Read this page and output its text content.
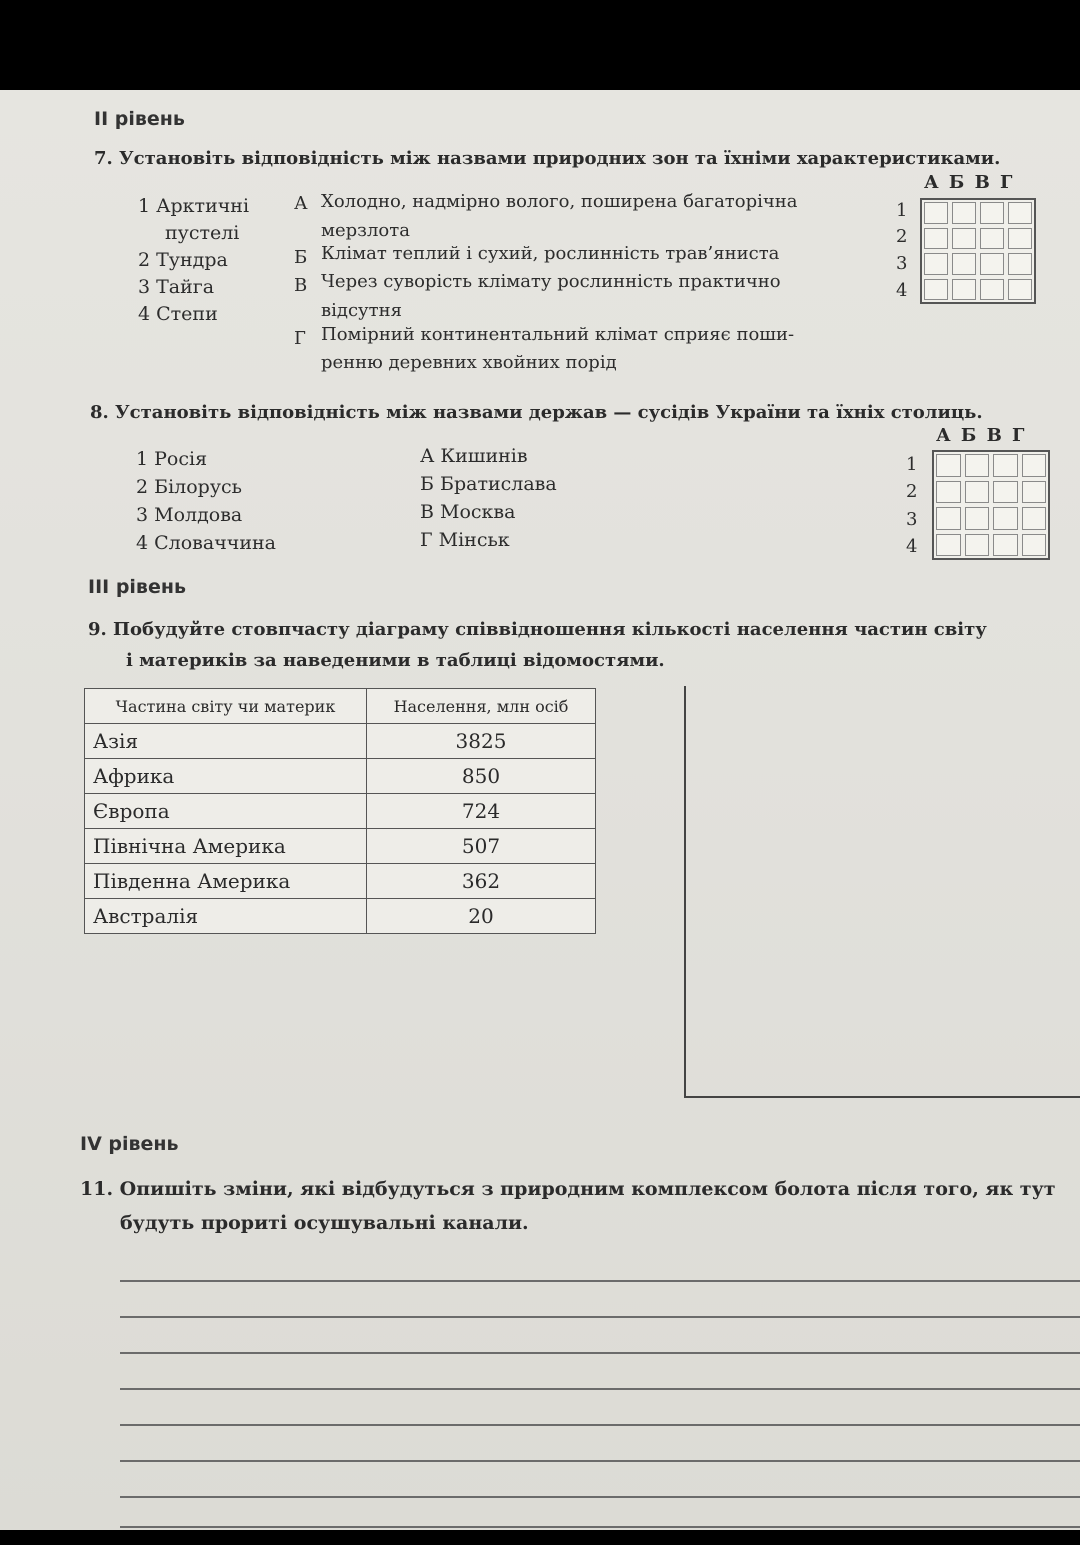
ІІ рівень
7. Установіть відповідність між назвами природних зон та їхніми характеристиками.
1 Арктичні
пустелі
2 Тундра
3 Тайга
4 Степи
А Холодно, надмірно волого, поширена багаторічна
мерзлота
Б Клімат теплий і сухий, рослинність трав’яниста
В Через суворість клімату рослинність практично
відсутня
Г Помірний континентальний клімат сприяє поши-
ренню деревних хвойних порід
А Б В Г
1
2
3
4
8. Установіть відповідність між назвами держав — сусідів України та їхніх столиць.
1 Росія
2 Білорусь
3 Молдова
4 Словаччина
А Кишинів
Б Братислава
В Москва
Г Мінськ
А Б В Г
1
2
3
4
ІІІ рівень
9. Побудуйте стовпчасту діаграму співвідношення кількості населення частин світу
і материків за наведеними в таблиці відомостями.
Частина світу чи материк	Населення, млн осіб
Азія	3825
Африка	850
Європа	724
Північна Америка	507
Південна Америка	362
Австралія	20
ІV рівень
11. Опишіть зміни, які відбудуться з природним комплексом болота після того, як тут
будуть прориті осушувальні канали.
